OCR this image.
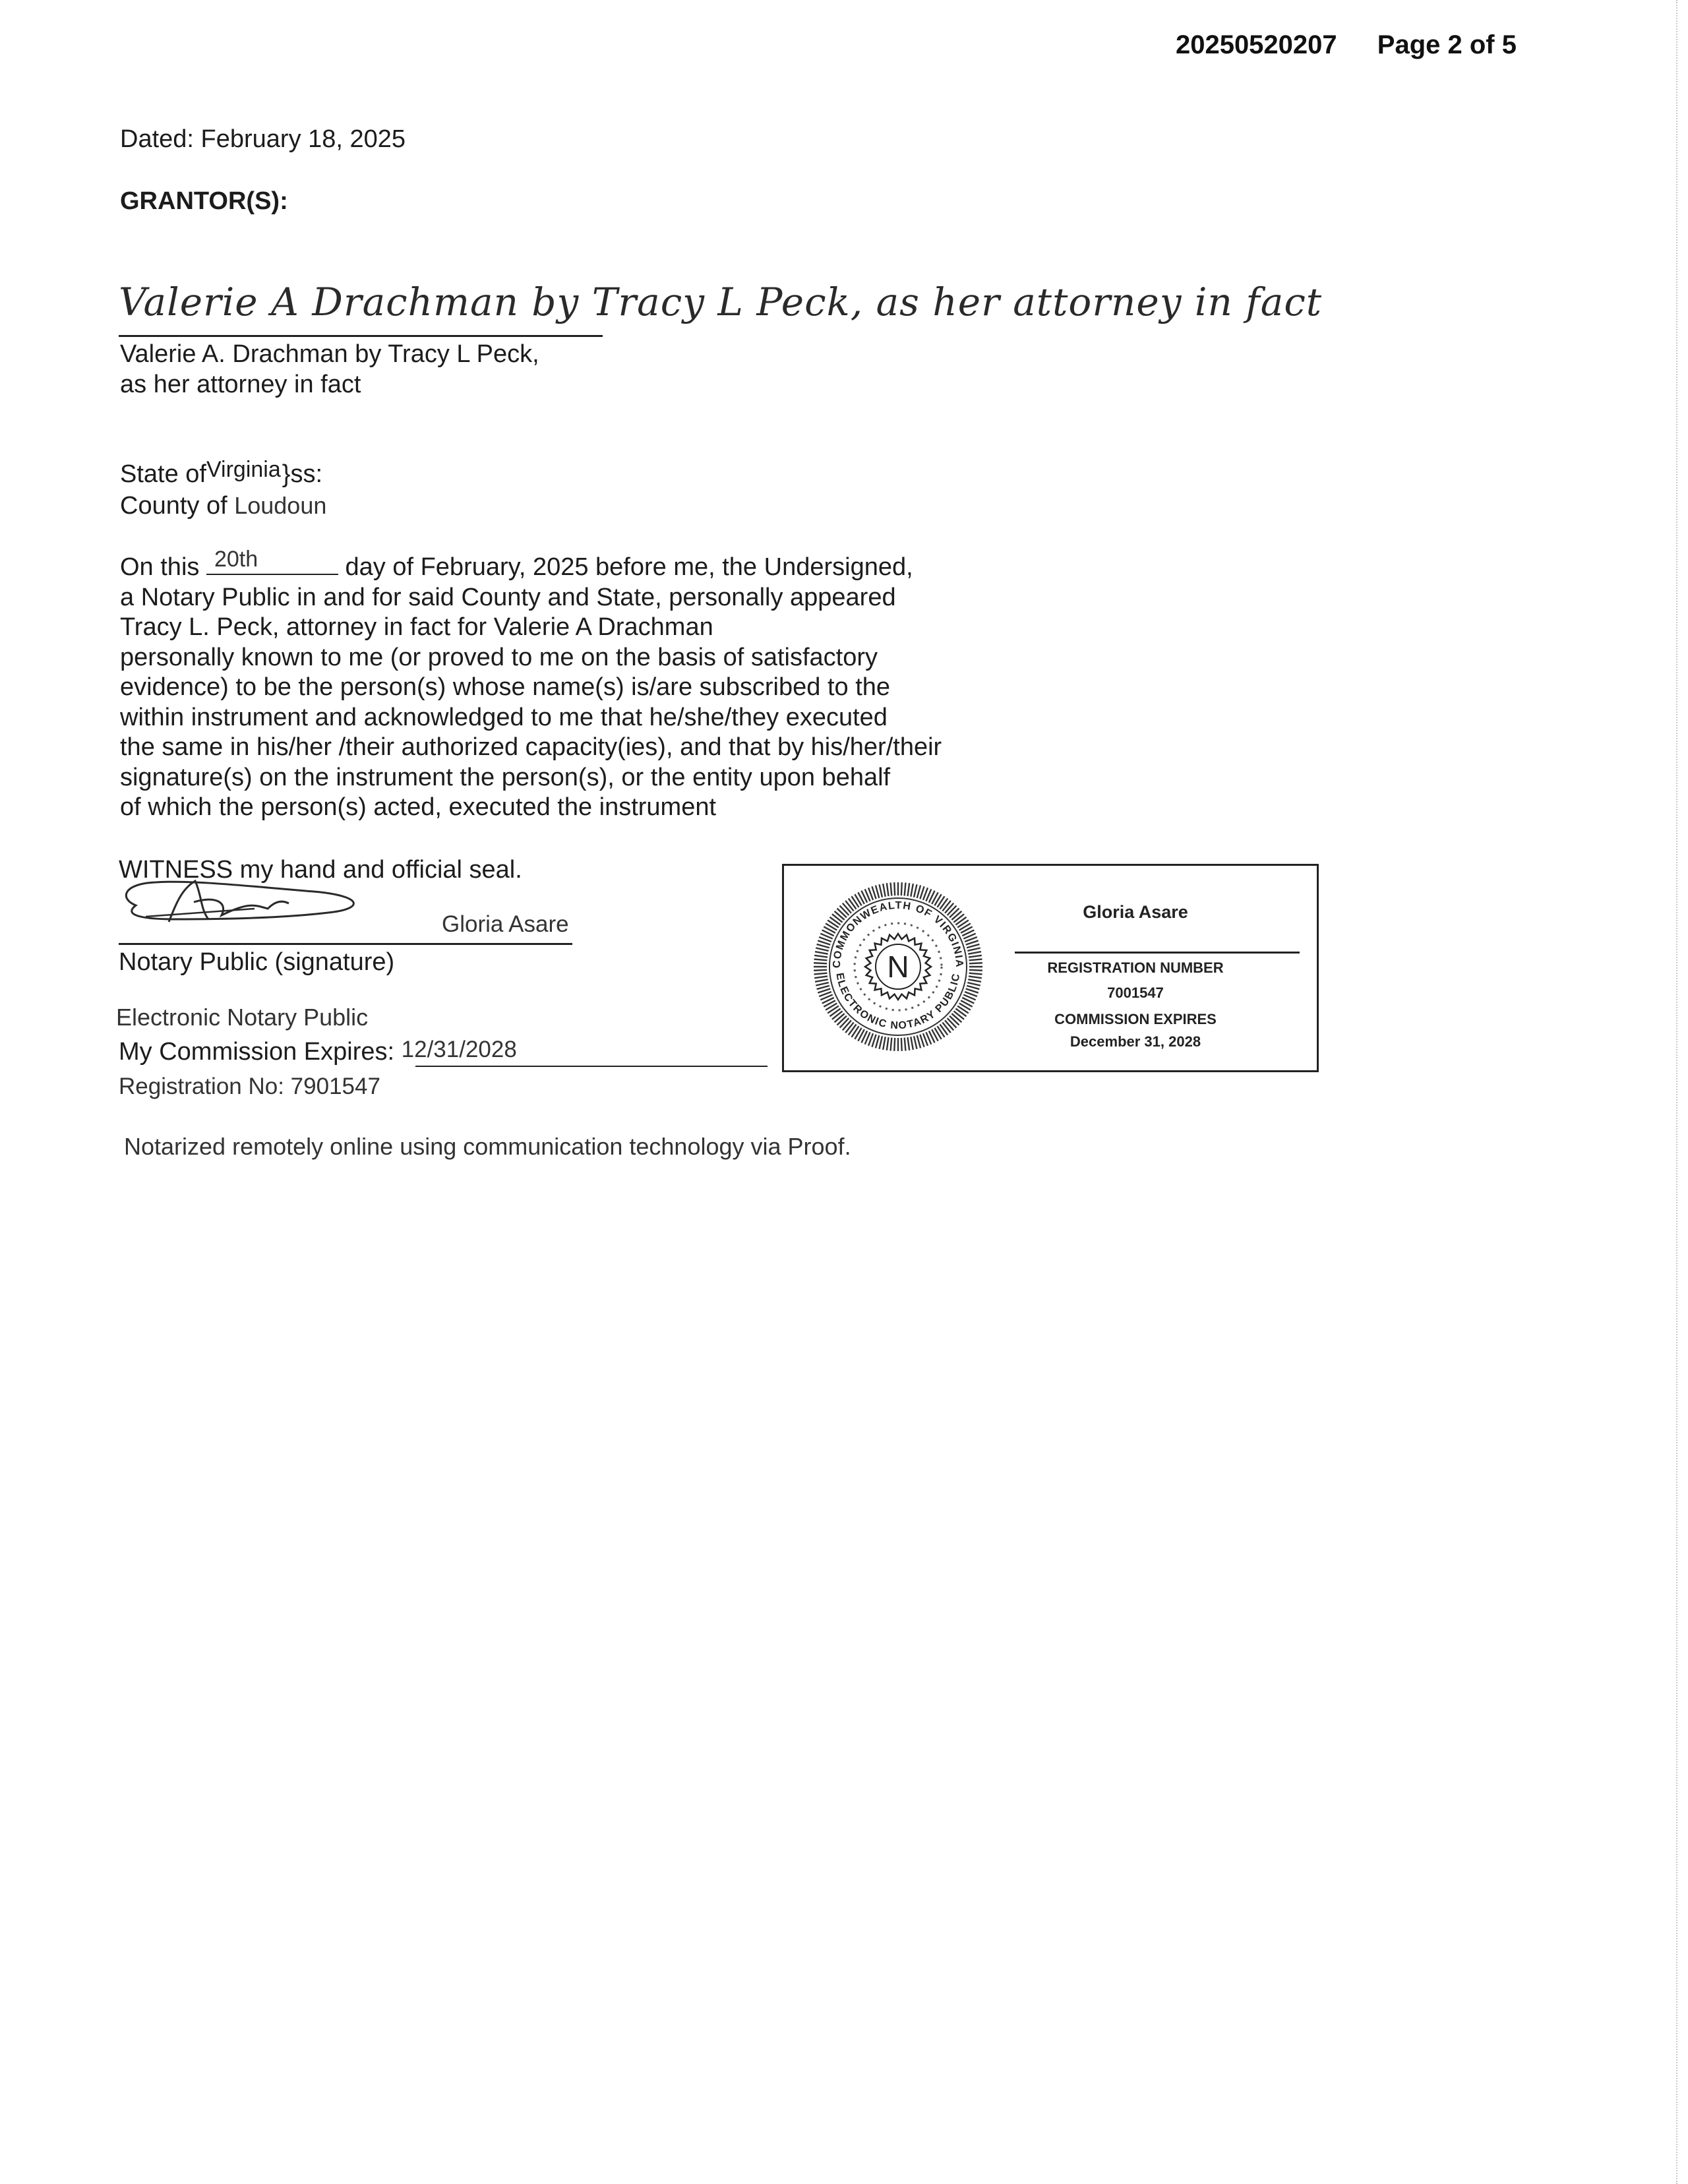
20250520207 Page 2 of 5
Dated: February 18, 2025
GRANTOR(S):
Valerie A Drachman by Tracy L Peck, as her attorney in fact
Valerie A. Drachman by Tracy L Peck,
as her attorney in fact
State ofVirginia}ss:
County of Loudoun
On this 20th	day of February, 2025 before me, the Undersigned,
a Notary Public in and for said County and State, personally appeared
Tracy L. Peck, attorney in fact for Valerie A Drachman
personally known to me (or proved to me on the basis of satisfactory
evidence) to be the person(s) whose name(s) is/are subscribed to the
within instrument and acknowledged to me that he/she/they executed
the same in his/her /their authorized capacity(ies), and that by his/her/their
signature(s) on the instrument the person(s), or the entity upon behalf
of which the person(s) acted, executed the instrument
WITNESS my hand and official seal.
Gloria Asare
Notary Public (signature)
Electronic Notary Public
My Commission Expires: 12/31/2028
Registration No: 7901547
COMMONWEALTH OF VIRGINIA
ELECTRONIC NOTARY PUBLIC
N
Gloria Asare
REGISTRATION NUMBER
7001547
COMMISSION EXPIRES
December 31, 2028
Notarized remotely online using communication technology via Proof.
